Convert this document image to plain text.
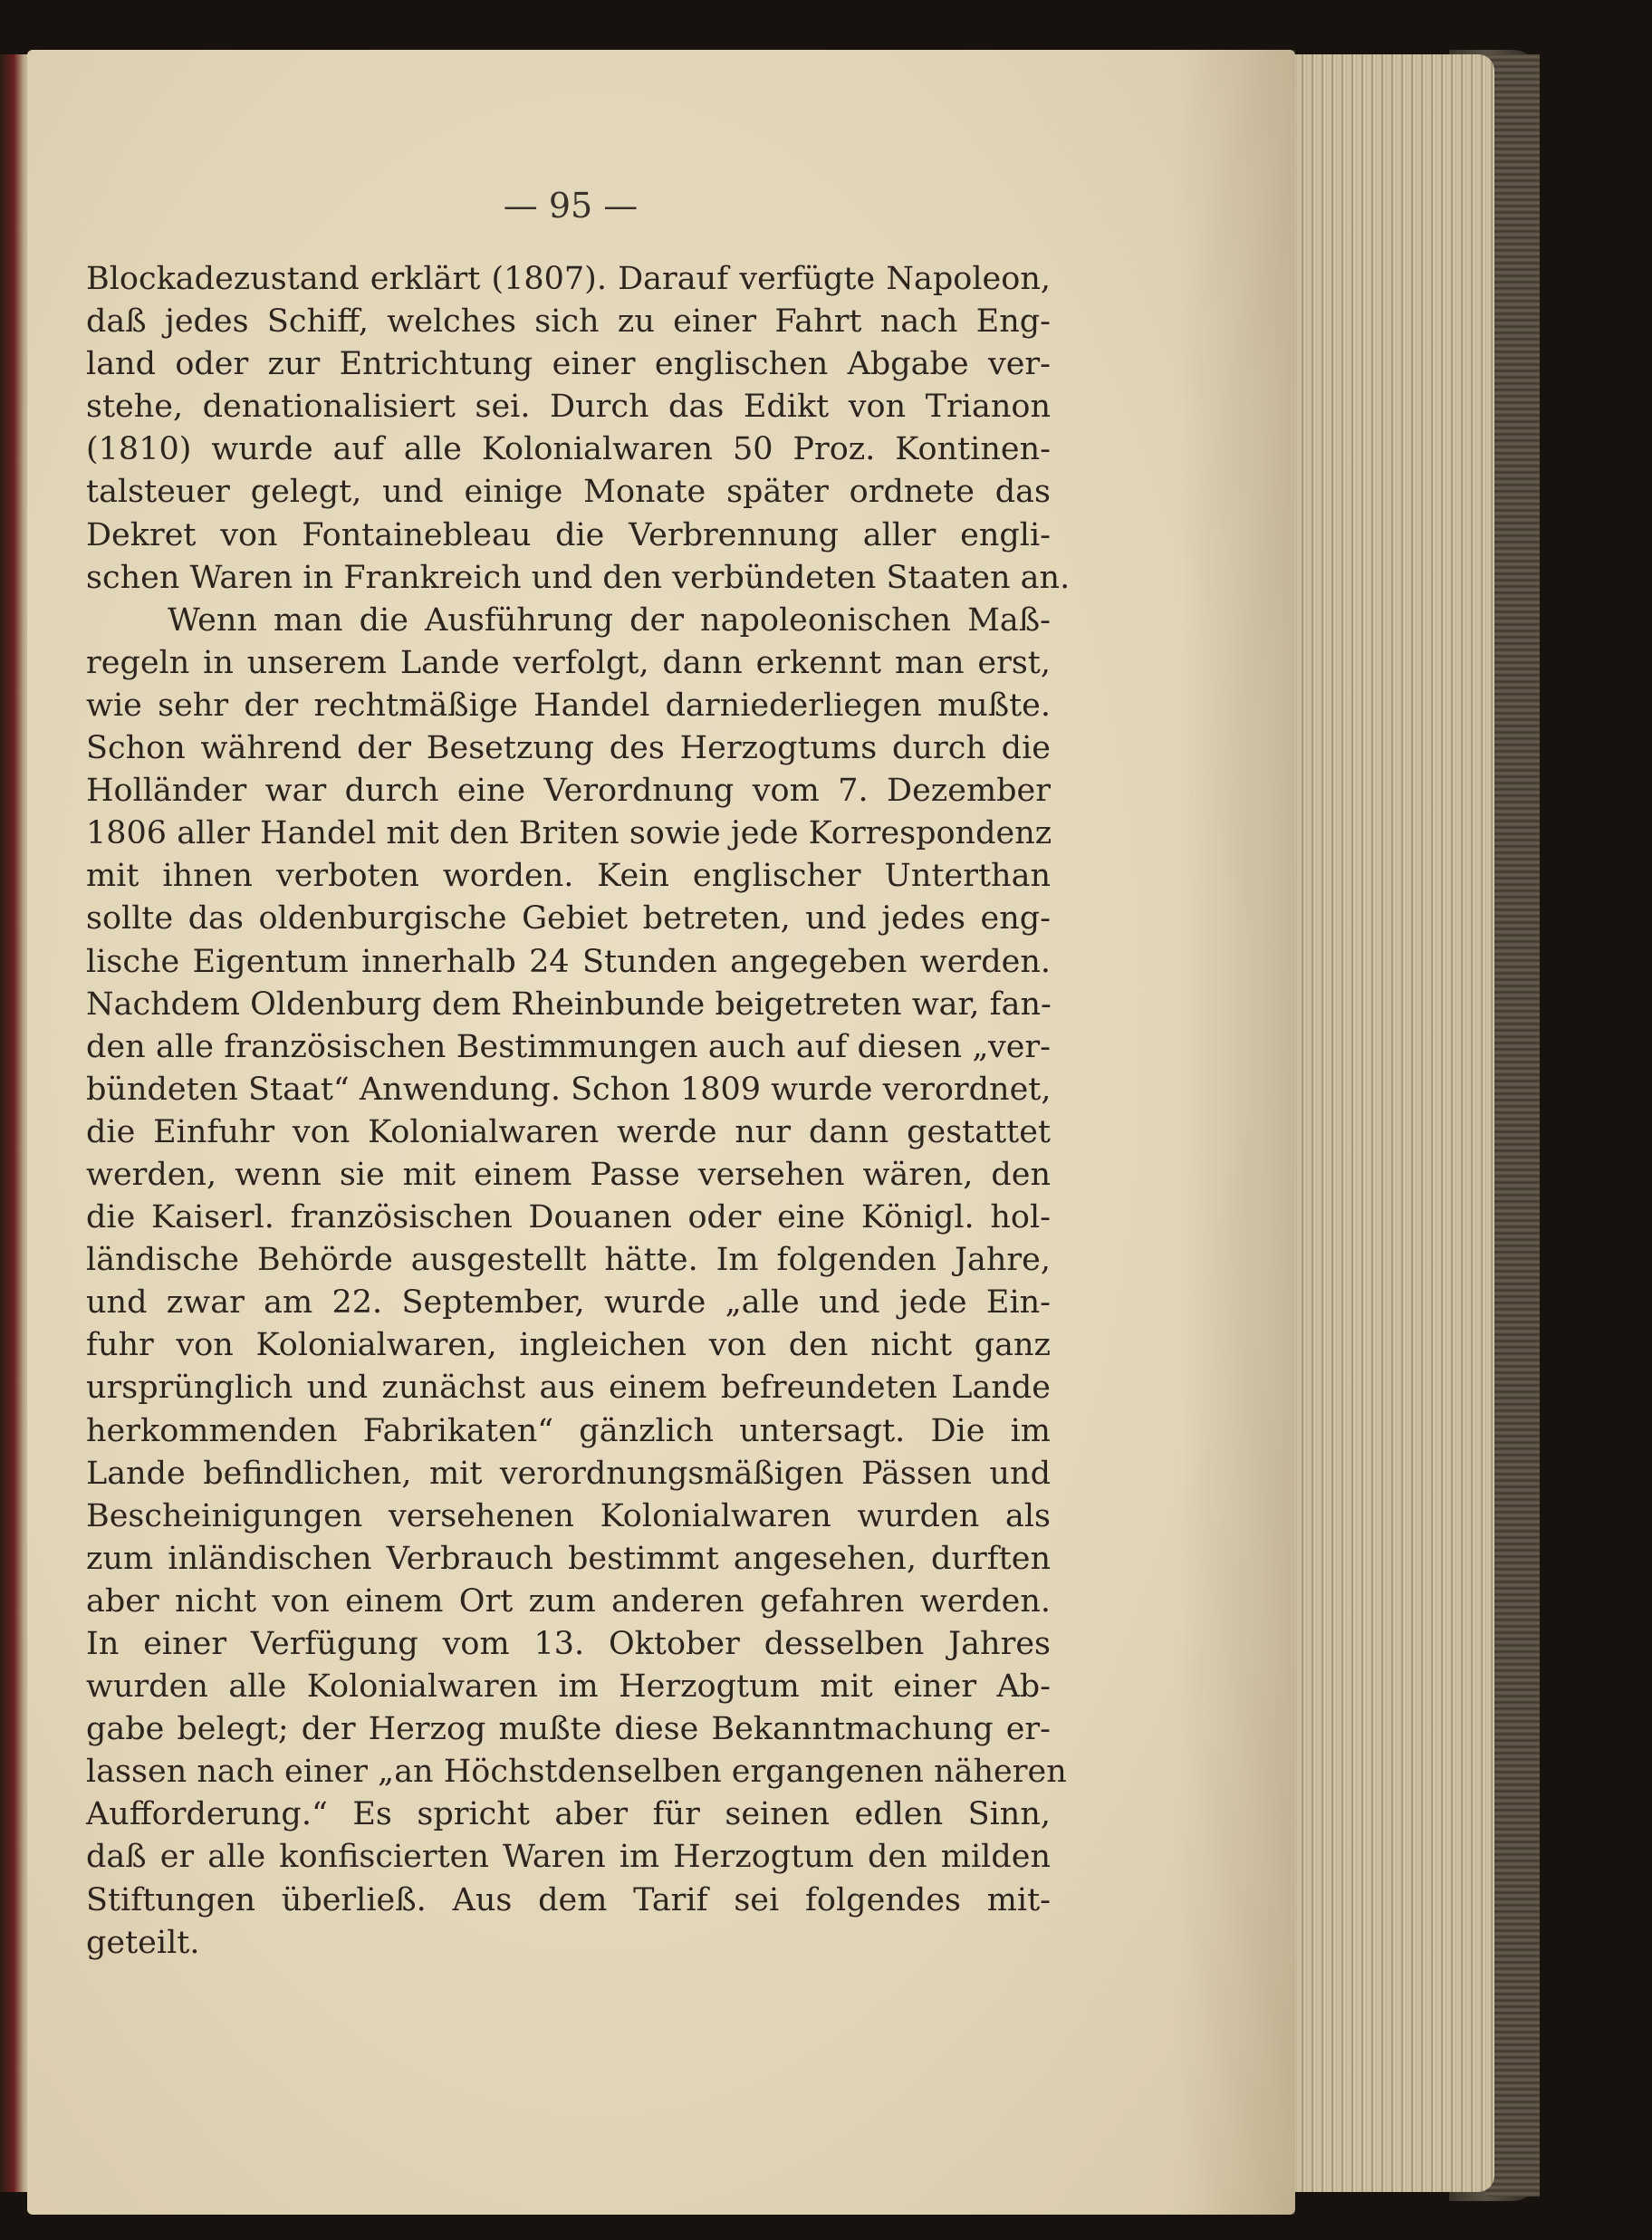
— 95 —
Blockadezustand erklärt (1807). Darauf verfügte Napoleon,
daß jedes Schiff, welches sich zu einer Fahrt nach Eng-
land oder zur Entrichtung einer englischen Abgabe ver-
stehe, denationalisiert sei. Durch das Edikt von Trianon
(1810) wurde auf alle Kolonialwaren 50 Proz. Kontinen-
talsteuer gelegt, und einige Monate später ordnete das
Dekret von Fontainebleau die Verbrennung aller engli-
schen Waren in Frankreich und den verbündeten Staaten an.
Wenn man die Ausführung der napoleonischen Maß-
regeln in unserem Lande verfolgt, dann erkennt man erst,
wie sehr der rechtmäßige Handel darniederliegen mußte.
Schon während der Besetzung des Herzogtums durch die
Holländer war durch eine Verordnung vom 7. Dezember
1806 aller Handel mit den Briten sowie jede Korrespondenz
mit ihnen verboten worden. Kein englischer Unterthan
sollte das oldenburgische Gebiet betreten, und jedes eng-
lische Eigentum innerhalb 24 Stunden angegeben werden.
Nachdem Oldenburg dem Rheinbunde beigetreten war, fan-
den alle französischen Bestimmungen auch auf diesen „ver-
bündeten Staat“ Anwendung. Schon 1809 wurde verordnet,
die Einfuhr von Kolonialwaren werde nur dann gestattet
werden, wenn sie mit einem Passe versehen wären, den
die Kaiserl. französischen Douanen oder eine Königl. hol-
ländische Behörde ausgestellt hätte. Im folgenden Jahre,
und zwar am 22. September, wurde „alle und jede Ein-
fuhr von Kolonialwaren, ingleichen von den nicht ganz
ursprünglich und zunächst aus einem befreundeten Lande
herkommenden Fabrikaten“ gänzlich untersagt. Die im
Lande befindlichen, mit verordnungsmäßigen Pässen und
Bescheinigungen versehenen Kolonialwaren wurden als
zum inländischen Verbrauch bestimmt angesehen, durften
aber nicht von einem Ort zum anderen gefahren werden.
In einer Verfügung vom 13. Oktober desselben Jahres
wurden alle Kolonialwaren im Herzogtum mit einer Ab-
gabe belegt; der Herzog mußte diese Bekanntmachung er-
lassen nach einer „an Höchstdenselben ergangenen näheren
Aufforderung.“ Es spricht aber für seinen edlen Sinn,
daß er alle konfiscierten Waren im Herzogtum den milden
Stiftungen überließ. Aus dem Tarif sei folgendes mit-
geteilt.
